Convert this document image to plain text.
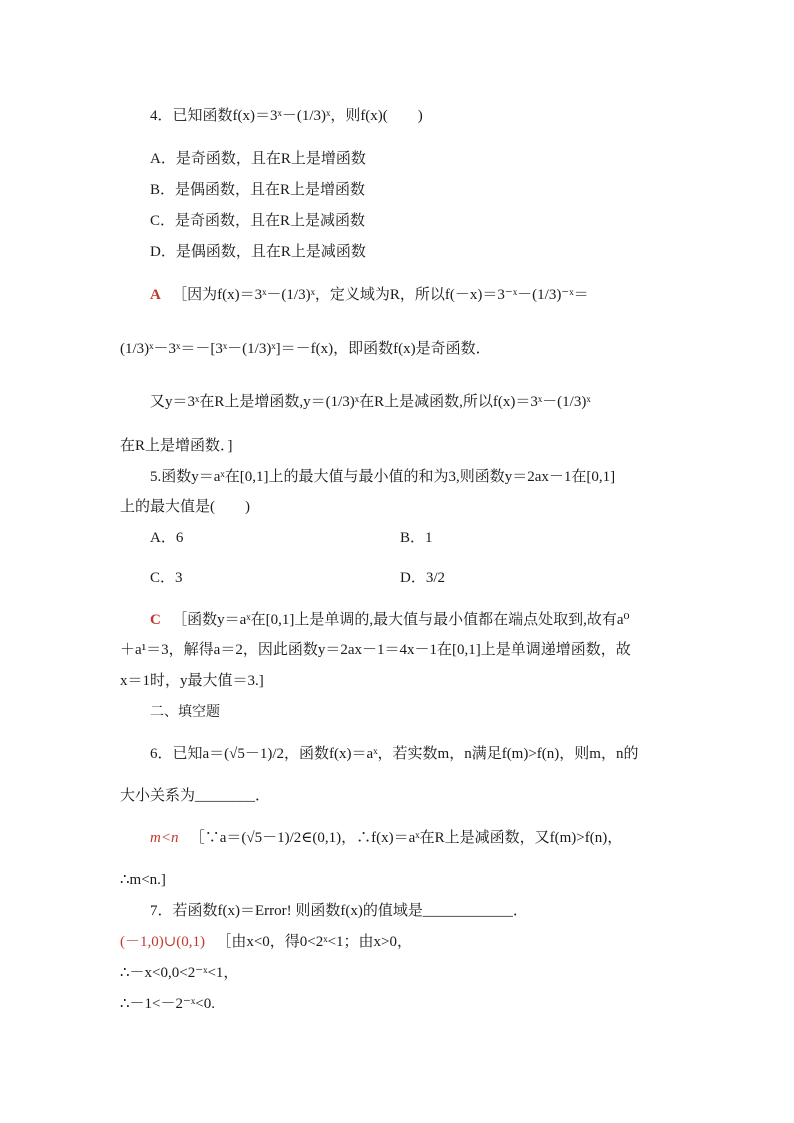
4．已知函数f(x)＝3ˣ－(1/3)ˣ，则f(x)(　　)
A．是奇函数，且在R上是增函数
B．是偶函数，且在R上是增函数
C．是奇函数，且在R上是减函数
D．是偶函数，且在R上是减函数
A ［因为f(x)＝3ˣ－(1/3)ˣ，定义域为R，所以f(－x)＝3⁻ˣ－(1/3)⁻ˣ＝
(1/3)ˣ－3ˣ＝－[3ˣ－(1/3)ˣ]＝－f(x)，即函数f(x)是奇函数．
又y＝3ˣ在R上是增函数,y＝(1/3)ˣ在R上是减函数,所以f(x)＝3ˣ－(1/3)ˣ
在R上是增函数．]
5.函数y＝aˣ在[0,1]上的最大值与最小值的和为3,则函数y＝2ax－1在[0,1]
上的最大值是(　　)
A．6	B．1
C．3	D．3/2
C ［函数y＝aˣ在[0,1]上是单调的,最大值与最小值都在端点处取到,故有a⁰
＋a¹＝3，解得a＝2，因此函数y＝2ax－1＝4x－1在[0,1]上是单调递增函数，故
x＝1时，y最大值＝3.]
二、填空题
6．已知a＝(√5－1)/2，函数f(x)＝aˣ，若实数m，n满足f(m)>f(n)，则m，n的
大小关系为________．
m<n ［∵a＝(√5－1)/2∈(0,1)，∴f(x)＝aˣ在R上是减函数，又f(m)>f(n)，
∴m<n.]
7．若函数f(x)＝Error! 则函数f(x)的值域是____________．
(－1,0)∪(0,1) ［由x<0，得0<2ˣ<1；由x>0，
∴－x<0,0<2⁻ˣ<1，
∴－1<－2⁻ˣ<0.
